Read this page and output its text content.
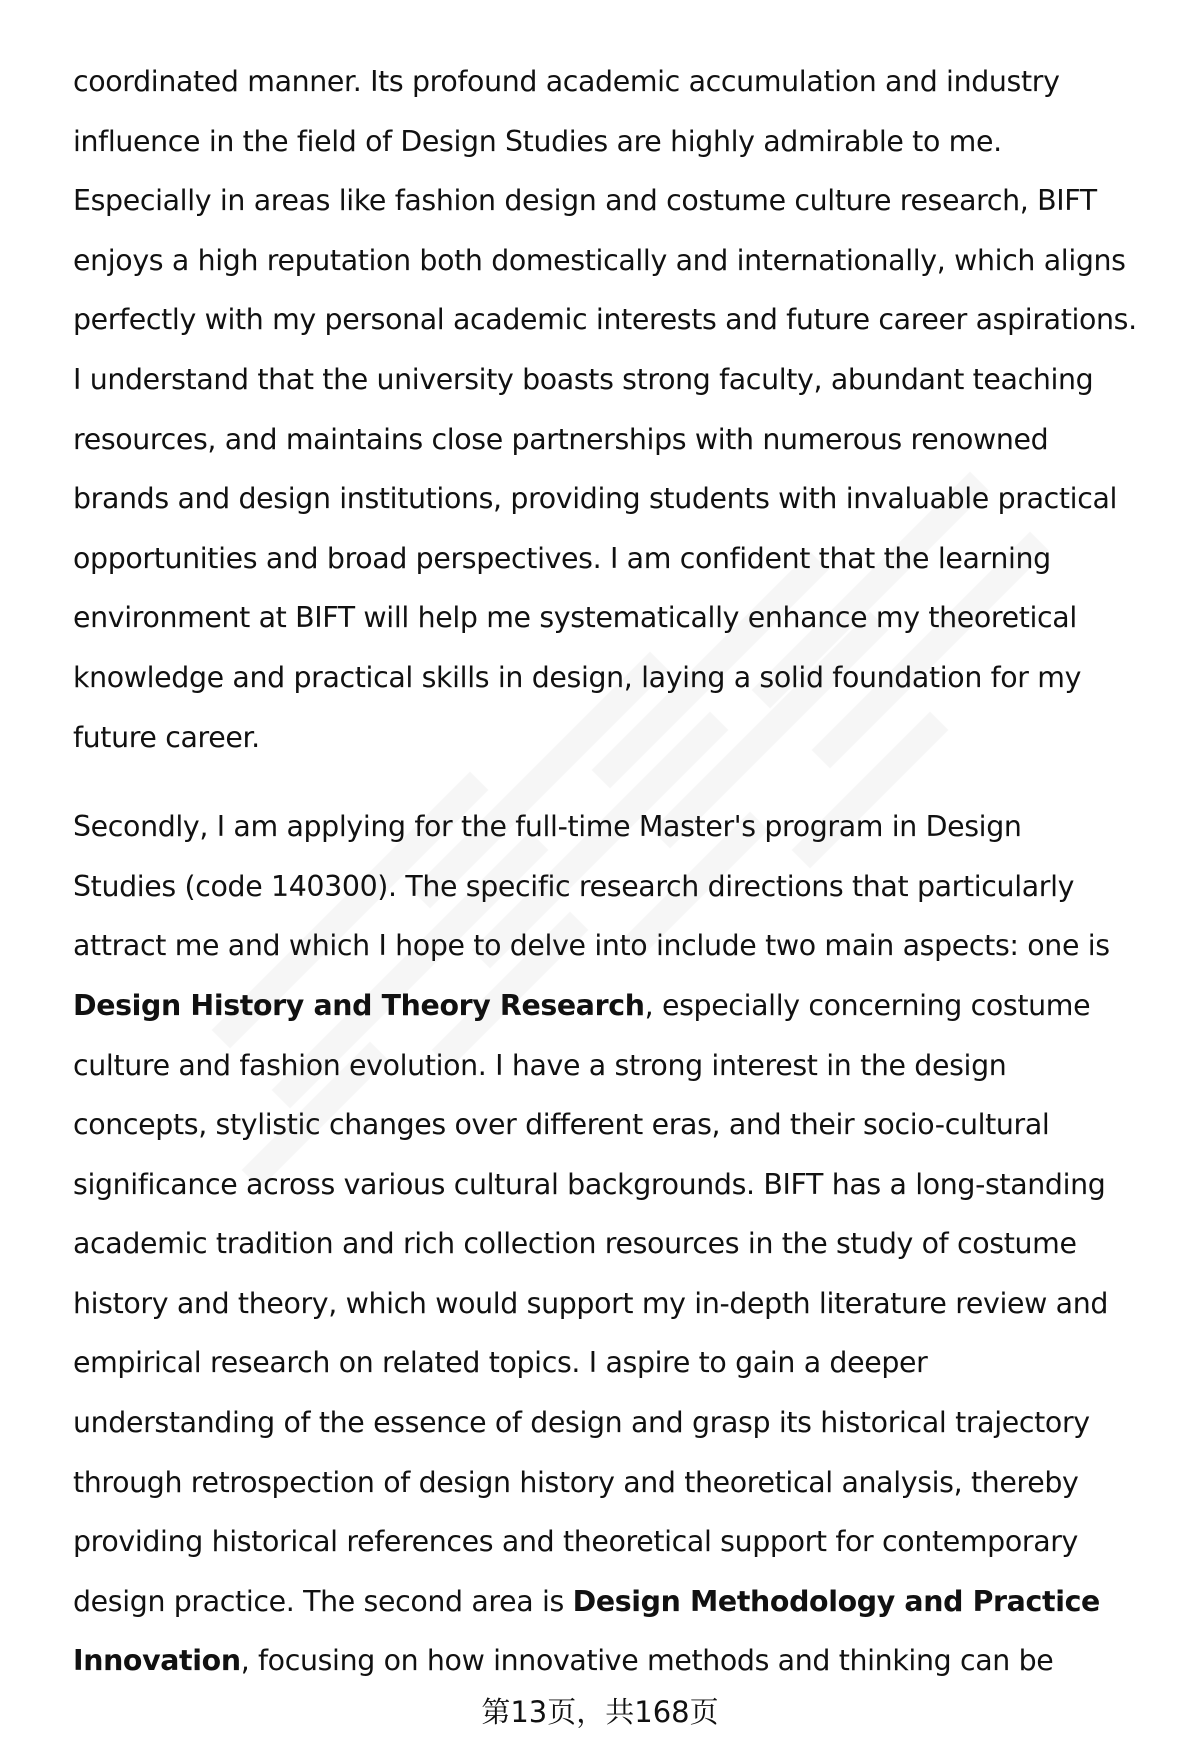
coordinated manner. Its profound academic accumulation and industry
influence in the field of Design Studies are highly admirable to me.
Especially in areas like fashion design and costume culture research, BIFT
enjoys a high reputation both domestically and internationally, which aligns
perfectly with my personal academic interests and future career aspirations.
I understand that the university boasts strong faculty, abundant teaching
resources, and maintains close partnerships with numerous renowned
brands and design institutions, providing students with invaluable practical
opportunities and broad perspectives. I am confident that the learning
environment at BIFT will help me systematically enhance my theoretical
knowledge and practical skills in design, laying a solid foundation for my
future career.

Secondly, I am applying for the full-time Master's program in Design
Studies (code 140300). The specific research directions that particularly
attract me and which I hope to delve into include two main aspects: one is
Design History and Theory Research, especially concerning costume
culture and fashion evolution. I have a strong interest in the design
concepts, stylistic changes over different eras, and their socio-cultural
significance across various cultural backgrounds. BIFT has a long-standing
academic tradition and rich collection resources in the study of costume
history and theory, which would support my in-depth literature review and
empirical research on related topics. I aspire to gain a deeper
understanding of the essence of design and grasp its historical trajectory
through retrospection of design history and theoretical analysis, thereby
providing historical references and theoretical support for contemporary
design practice. The second area is Design Methodology and Practice
Innovation, focusing on how innovative methods and thinking can be

第13页，共168页
